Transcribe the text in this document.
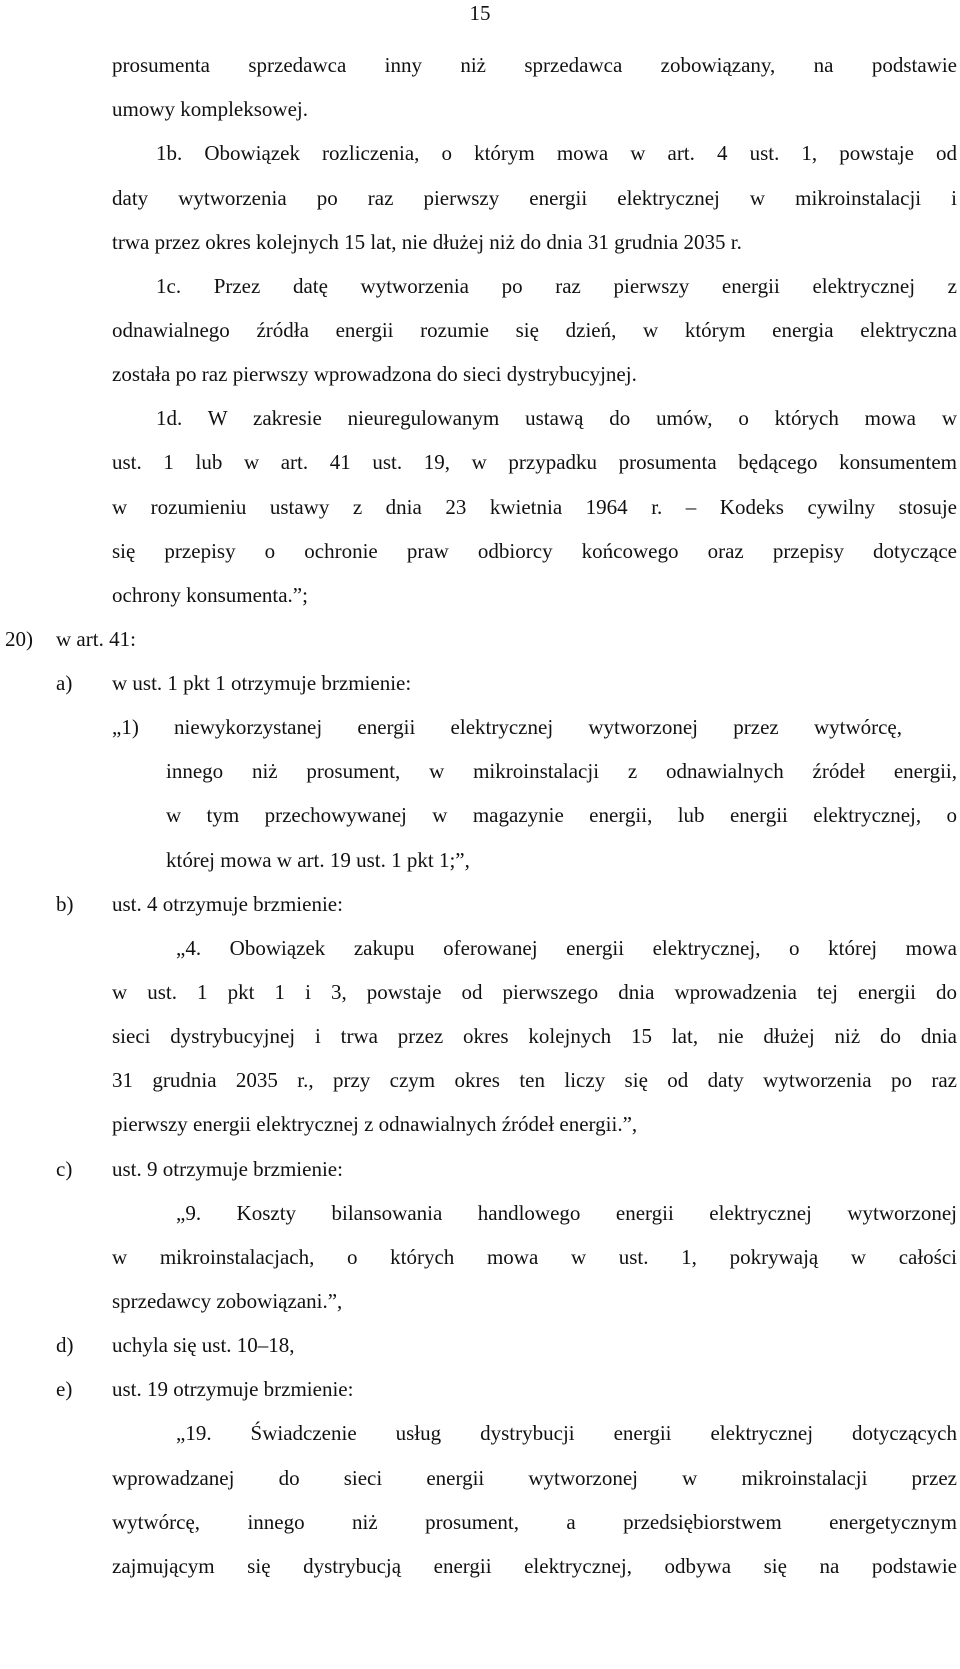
15
prosumenta sprzedawca inny niż sprzedawca zobowiązany, na podstawie
umowy kompleksowej.
1b. Obowiązek rozliczenia, o którym mowa w art. 4 ust. 1, powstaje od
daty wytworzenia po raz pierwszy energii elektrycznej w mikroinstalacji i
trwa przez okres kolejnych 15 lat, nie dłużej niż do dnia 31 grudnia 2035 r.
1c. Przez datę wytworzenia po raz pierwszy energii elektrycznej z
odnawialnego źródła energii rozumie się dzień, w którym energia elektryczna
została po raz pierwszy wprowadzona do sieci dystrybucyjnej.
1d. W zakresie nieuregulowanym ustawą do umów, o których mowa w
ust. 1 lub w art. 41 ust. 19, w przypadku prosumenta będącego konsumentem
w rozumieniu ustawy z dnia 23 kwietnia 1964 r. – Kodeks cywilny stosuje
się przepisy o ochronie praw odbiorcy końcowego oraz przepisy dotyczące
ochrony konsumenta.”;
20) w art. 41:
a) w ust. 1 pkt 1 otrzymuje brzmienie:
„1) niewykorzystanej energii elektrycznej wytworzonej przez wytwórcę,
innego niż prosument, w mikroinstalacji z odnawialnych źródeł energii,
w tym przechowywanej w magazynie energii, lub energii elektrycznej, o
której mowa w art. 19 ust. 1 pkt 1;”,
b) ust. 4 otrzymuje brzmienie:
„4. Obowiązek zakupu oferowanej energii elektrycznej, o której mowa
w ust. 1 pkt 1 i 3, powstaje od pierwszego dnia wprowadzenia tej energii do
sieci dystrybucyjnej i trwa przez okres kolejnych 15 lat, nie dłużej niż do dnia
31 grudnia 2035 r., przy czym okres ten liczy się od daty wytworzenia po raz
pierwszy energii elektrycznej z odnawialnych źródeł energii.”,
c) ust. 9 otrzymuje brzmienie:
„9. Koszty bilansowania handlowego energii elektrycznej wytworzonej
w mikroinstalacjach, o których mowa w ust. 1, pokrywają w całości
sprzedawcy zobowiązani.”,
d) uchyla się ust. 10–18,
e) ust. 19 otrzymuje brzmienie:
„19. Świadczenie usług dystrybucji energii elektrycznej dotyczących
wprowadzanej do sieci energii wytworzonej w mikroinstalacji przez
wytwórcę, innego niż prosument, a przedsiębiorstwem energetycznym
zajmującym się dystrybucją energii elektrycznej, odbywa się na podstawie
